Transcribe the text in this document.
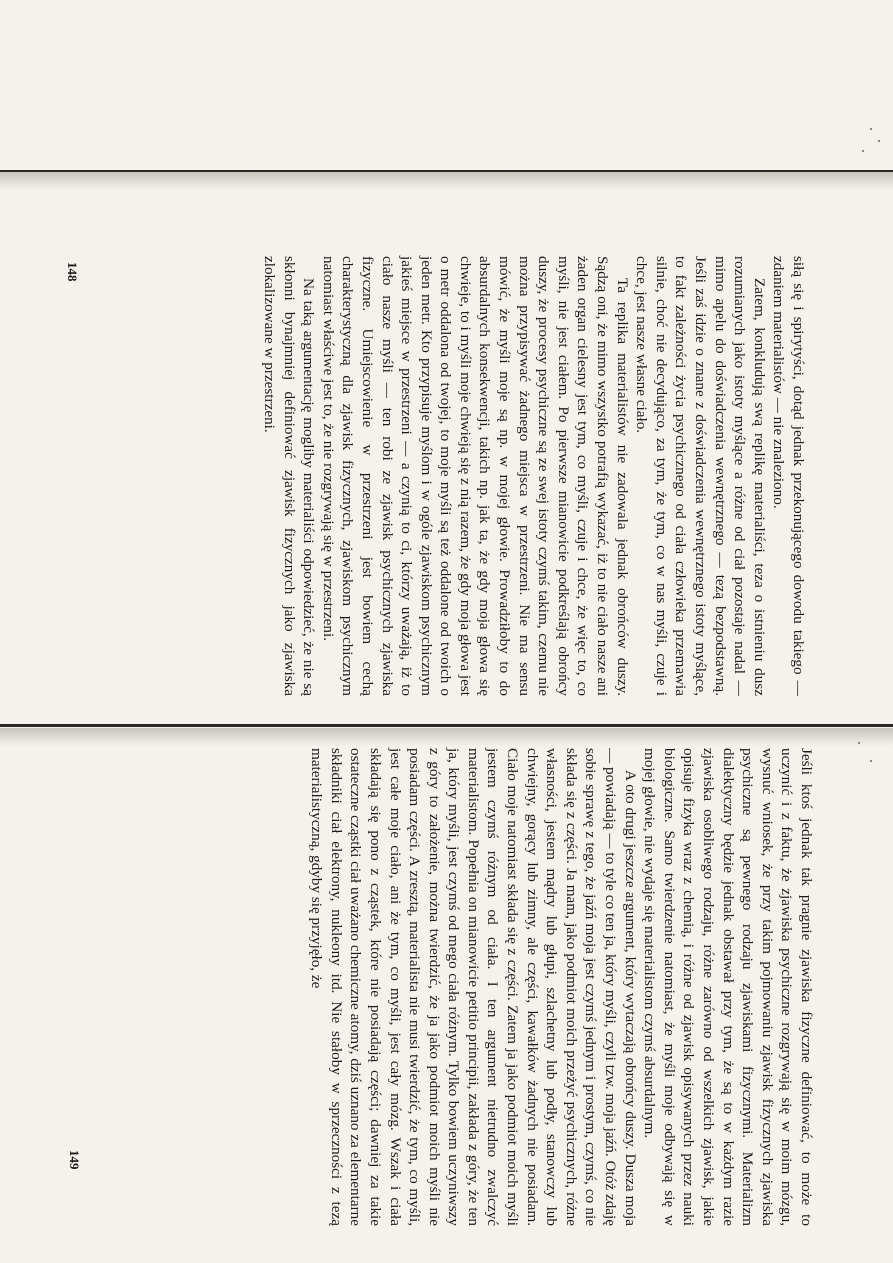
siłą się i spirytyści, dotąd jednak przekonującego dowodu takiego — zdaniem materialistów — nie znaleziono.

Zatem, konkludują swą replikę materialiści, teza o istnieniu dusz rozumianych jako istoty myślące a różne od ciał pozostaje nadal — mimo apelu do doświadczenia wewnętrznego — tezą bezpodstawną. Jeśli zaś idzie o znane z doświadczenia wewnętrznego istoty myślące, to fakt zależności życia psychicznego od ciała człowieka przemawia silnie, choć nie decydująco, za tym, że tym, co w nas myśli, czuje i chce, jest nasze własne ciało.

Ta replika materialistów nie zadowala jednak obrońców duszy. Sądzą oni, że mimo wszystko potrafią wykazać, iż to nie ciało nasze ani żaden organ cielesny jest tym, co myśli, czuje i chce, że więc to, co myśli, nie jest ciałem. Po pierwsze mianowicie podkreślają obrońcy duszy, że procesy psychiczne są ze swej istoty czymś takim, czemu nie można przypisywać żadnego miejsca w przestrzeni. Nie ma sensu mówić, że myśli moje są np. w mojej głowie. Prowadziłoby to do absurdalnych konsekwencji, takich np. jak ta, że gdy moja głowa się chwieje, to i myśli moje chwieją się z nią razem, że gdy moja głowa jest o metr oddalona od twojej, to moje myśli są też oddalone od twoich o jeden metr. Kto przypisuje myślom i w ogóle zjawiskom psychicznym jakieś miejsce w przestrzeni — a czynią to ci, którzy uważają, iż to ciało nasze myśli — ten robi ze zjawisk psychicznych zjawiska fizyczne. Umiejscowienie w przestrzeni jest bowiem cechą charakterystyczną dla zjawisk fizycznych, zjawiskom psychicznym natomiast właściwe jest to, że nie rozgrywają się w przestrzeni.

Na taką argumentację mogliby materialiści odpowiedzieć, że nie są skłonni bynajmniej definiować zjawisk fizycznych jako zjawiska zlokalizowane w przestrzeni.

148

Jeśli ktoś jednak tak pragnie zjawiska fizyczne definiować, to może to uczynić i z faktu, że zjawiska psychiczne rozgrywają się w moim mózgu, wysnuć wniosek, że przy takim pojmowaniu zjawisk fizycznych zjawiska psychiczne są pewnego rodzaju zjawiskami fizycznymi. Materializm dialektyczny będzie jednak obstawał przy tym, że są to w każdym razie zjawiska osobliwego rodzaju, różne zarówno od wszelkich zjawisk, jakie opisuje fizyka wraz z chemią, i różne od zjawisk opisywanych przez nauki biologiczne. Samo twierdzenie natomiast, że myśli moje odbywają się w mojej głowie, nie wydaje się materialistom czymś absurdalnym.

A oto drugi jeszcze argument, który wytaczają obrońcy duszy. Dusza moja — powiadają — to tyle co ten ja, który myśli, czyli tzw. moja jaźń. Otóż zdaję sobie sprawę z tego, że jaźń moja jest czymś jednym i prostym, czymś, co nie składa się z części. Ja mam, jako podmiot moich przeżyć psychicznych, różne własności, jestem mądry lub głupi, szlachetny lub podły, stanowczy lub chwiejny, gorący lub zimny, ale części, kawałków żadnych nie posiadam. Ciało moje natomiast składa się z części. Zatem ja jako podmiot moich myśli jestem czymś różnym od ciała. I ten argument nietrudno zwalczyć materialistom. Popełnia on mianowicie petitio principii, zakłada z góry, że ten ja, który myśli, jest czymś od mego ciała różnym. Tylko bowiem uczyniwszy z góry to założenie, można twierdzić, że ja jako podmiot moich myśli nie posiadam części. A zresztą, materialista nie musi twierdzić, że tym, co myśli, jest całe moje ciało, ani że tym, co myśli, jest cały mózg. Wszak i ciała składają się pono z cząstek, które nie posiadają części; dawniej za takie ostateczne cząstki ciał uważano chemiczne atomy, dziś uznano za elementarne składniki ciał elektrony, nukleony itd. Nie stałoby w sprzeczności z tezą materialistyczną, gdyby się przyjęło, że

149
